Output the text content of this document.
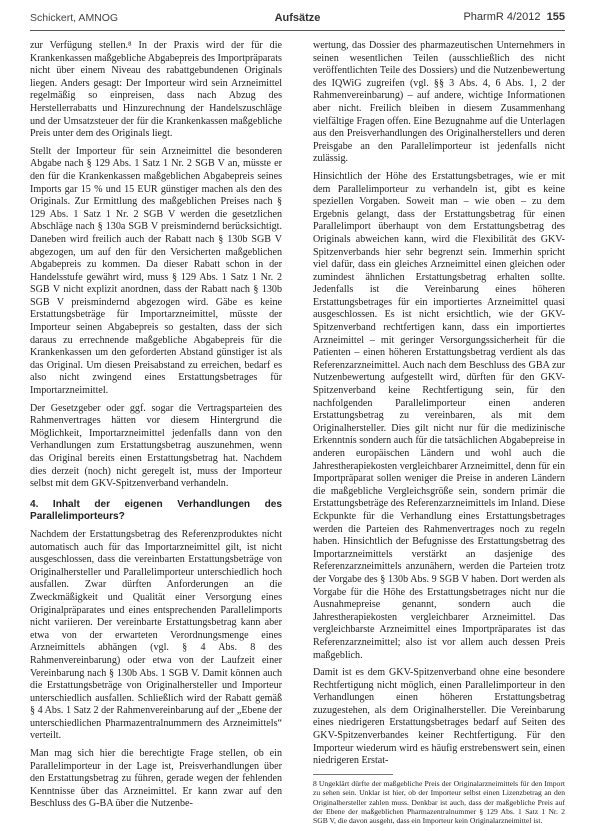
Schickert, AMNOG	Aufsätze	PharmR 4/2012 155

zur Verfügung stellen.⁸ In der Praxis wird der für die Krankenkassen maßgebliche Abgabepreis des Importpräparats nicht über einem Niveau des rabattgebundenen Originals liegen. Anders gesagt: Der Importeur wird sein Arzneimittel regelmäßig so einpreisen, dass nach Abzug des Herstellerrabatts und Hinzurechnung der Handelszuschläge und der Umsatzsteuer der für die Krankenkassen maßgebliche Preis unter dem des Originals liegt.

Stellt der Importeur für sein Arzneimittel die besonderen Abgabe nach § 129 Abs. 1 Satz 1 Nr. 2 SGB V an, müsste er den für die Krankenkassen maßgeblichen Abgabepreis seines Imports gar 15 % und 15 EUR günstiger machen als den des Originals. Zur Ermittlung des maßgeblichen Preises nach § 129 Abs. 1 Satz 1 Nr. 2 SGB V werden die gesetzlichen Abschläge nach § 130a SGB V preismindernd berücksichtigt. Daneben wird freilich auch der Rabatt nach § 130b SGB V abgezogen, um auf den für den Versicherten maßgeblichen Abgabepreis zu kommen. Da dieser Rabatt schon in der Handelsstufe gewährt wird, muss § 129 Abs. 1 Satz 1 Nr. 2 SGB V nicht explizit anordnen, dass der Rabatt nach § 130b SGB V preismindernd abgezogen wird. Gäbe es keine Erstattungsbeträge für Importarzneimittel, müsste der Importeur seinen Abgabepreis so gestalten, dass der sich daraus zu errechnende maßgebliche Abgabepreis für die Krankenkassen um den geforderten Abstand günstiger ist als das Original. Um diesen Preisabstand zu erreichen, bedarf es also nicht zwingend eines Erstattungsbetrages für Importarzneimittel.

Der Gesetzgeber oder ggf. sogar die Vertragsparteien des Rahmenvertrages hätten vor diesem Hintergrund die Möglichkeit, Importarzneimittel jedenfalls dann von den Verhandlungen zum Erstattungsbetrag auszunehmen, wenn das Original bereits einen Erstattungsbetrag hat. Nachdem dies derzeit (noch) nicht geregelt ist, muss der Importeur selbst mit dem GKV-Spitzenverband verhandeln.

4. Inhalt der eigenen Verhandlungen des Parallelimporteurs?

Nachdem der Erstattungsbetrag des Referenzproduktes nicht automatisch auch für das Importarzneimittel gilt, ist nicht ausgeschlossen, dass die vereinbarten Erstattungsbeträge von Originalhersteller und Parallelimporteur unterschiedlich hoch ausfallen. Zwar dürften Anforderungen an die Zweckmäßigkeit und Qualität einer Versorgung eines Originalpräparates und eines entsprechenden Parallelimports nicht variieren. Der vereinbarte Erstattungsbetrag kann aber etwa von der erwarteten Verordnungsmenge eines Arzneimittels abhängen (vgl. § 4 Abs. 8 des Rahmenvereinbarung) oder etwa von der Laufzeit einer Vereinbarung nach § 130b Abs. 1 SGB V. Damit können auch die Erstattungsbeträge von Originalhersteller und Importeur unterschiedlich ausfallen. Schließlich wird der Rabatt gemäß § 4 Abs. 1 Satz 2 der Rahmenvereinbarung auf der „Ebene der unterschiedlichen Pharmazentralnummern des Arzneimittels“ verteilt.

Man mag sich hier die berechtigte Frage stellen, ob ein Parallelimporteur in der Lage ist, Preisverhandlungen über den Erstattungsbetrag zu führen, gerade wegen der fehlenden Kenntnisse über das Arzneimittel. Er kann zwar auf den Beschluss des G-BA über die Nutzenbe-

wertung, das Dossier des pharmazeutischen Unternehmers in seinen wesentlichen Teilen (ausschließlich des nicht veröffentlichten Teile des Dossiers) und die Nutzenbewertung des IQWiG zugreifen (vgl. §§ 3 Abs. 4, 6 Abs. 1, 2 der Rahmenvereinbarung) – auf andere, wichtige Informationen aber nicht. Freilich bleiben in diesem Zusammenhang vielfältige Fragen offen. Eine Bezugnahme auf die Unterlagen aus den Preisverhandlungen des Originalherstellers und deren Preisgabe an den Parallelimporteur ist jedenfalls nicht zulässig.

Hinsichtlich der Höhe des Erstattungsbetrages, wie er mit dem Parallelimporteur zu verhandeln ist, gibt es keine speziellen Vorgaben. Soweit man – wie oben – zu dem Ergebnis gelangt, dass der Erstattungsbetrag für einen Parallelimport überhaupt von dem Erstattungsbetrag des Originals abweichen kann, wird die Flexibilität des GKV-Spitzenverbands hier sehr begrenzt sein. Immerhin spricht viel dafür, dass ein gleiches Arzneimittel einen gleichen oder zumindest ähnlichen Erstattungsbetrag erhalten sollte. Jedenfalls ist die Vereinbarung eines höheren Erstattungsbetrages für ein importiertes Arzneimittel quasi ausgeschlossen. Es ist nicht ersichtlich, wie der GKV-Spitzenverband rechtfertigen kann, dass ein importiertes Arzneimittel – mit geringer Versorgungssicherheit für die Patienten – einen höheren Erstattungsbetrag verdient als das Referenzarzneimittel. Auch nach dem Beschluss des GBA zur Nutzenbewertung aufgestellt wird, dürften für den GKV-Spitzenverband keine Rechtfertigung sein, für den nachfolgenden Parallelimporteur einen anderen Erstattungsbetrag zu vereinbaren, als mit dem Originalhersteller. Dies gilt nicht nur für die medizinische Erkenntnis sondern auch für die tatsächlichen Abgabepreise in anderen europäischen Ländern und wohl auch die Jahrestherapiekosten vergleichbarer Arzneimittel, denn für ein Importpräparat sollen weniger die Preise in anderen Ländern die maßgebliche Vergleichsgröße sein, sondern primär die Erstattungsbeträge des Referenzarzneimittels im Inland. Diese Eckpunkte für die Verhandlung eines Erstattungsbetrages werden die Parteien des Rahmenvertrages noch zu regeln haben. Hinsichtlich der Befugnisse des Erstattungsbetrag des Importarzneimittels verstärkt an dasjenige des Referenzarzneimittels anzunähern, werden die Parteien trotz der Vorgabe des § 130b Abs. 9 SGB V haben. Dort werden als Vorgabe für die Höhe des Erstattungsbetrages nicht nur die Ausnahmepreise genannt, sondern auch die Jahrestherapiekosten vergleichbarer Arzneimittel. Das vergleichbarste Arzneimittel eines Importpräparates ist das Referenzarzneimittel; also ist vor allem auch dessen Preis maßgeblich.

Damit ist es dem GKV-Spitzenverband ohne eine besondere Rechtfertigung nicht möglich, einen Parallelimporteur in den Verhandlungen einen höheren Erstattungsbetrag zuzugestehen, als dem Originalhersteller. Die Vereinbarung eines niedrigeren Erstattungsbetrages bedarf auf Seiten des GKV-Spitzenverbandes keiner Rechtfertigung. Für den Importeur wiederum wird es häufig erstrebenswert sein, einen niedrigeren Erstat-

8 Ungeklärt dürfte der maßgebliche Preis der Originalarzneimittels für den Import zu sehen sein. Unklar ist hier, ob der Importeur selbst einen Lizenzbetrag an den Originalhersteller zahlen muss. Denkbar ist auch, dass der maßgebliche Preis auf der Ebene der maßgeblichen Pharmazentralnummer § 129 Abs. 1 Satz 1 Nr. 2 SGB V, die davon ausgeht, dass ein Importeur kein Originalarzneimittel ist.
